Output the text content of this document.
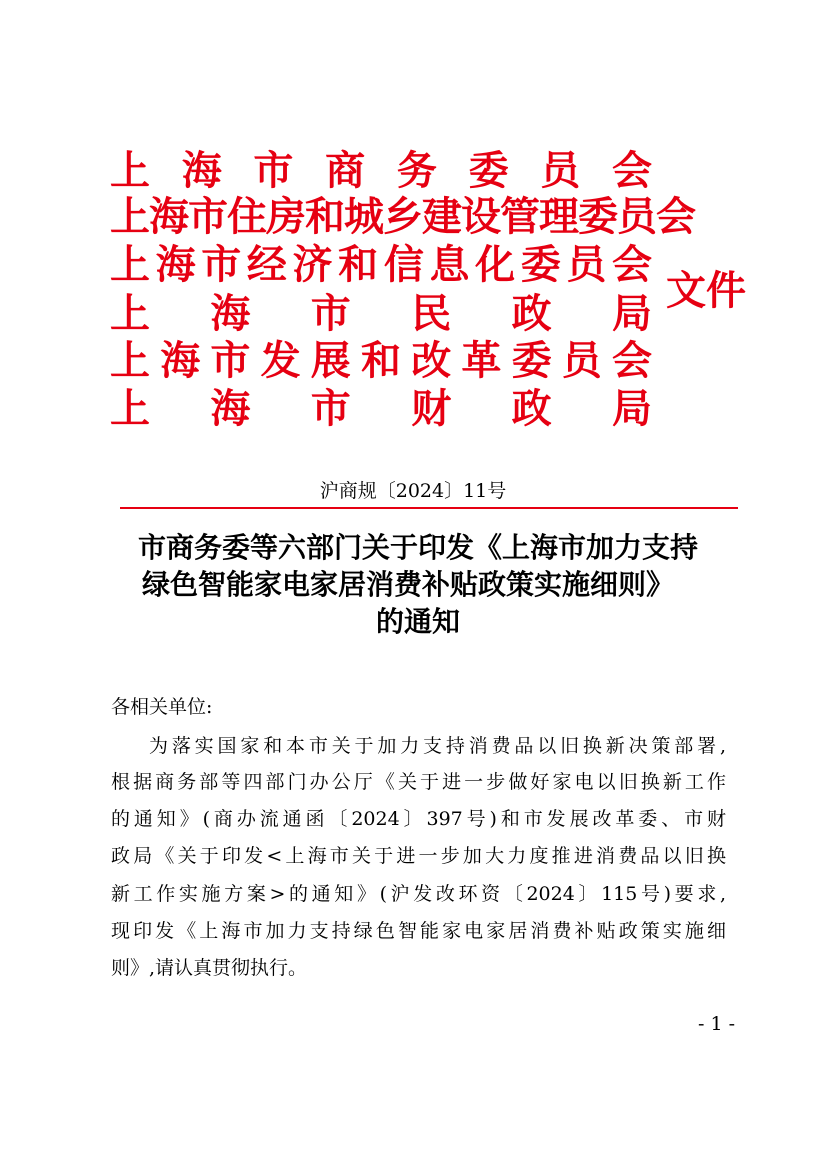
上海市商务委员会
上海市住房和城乡建设管理委员会
上海市经济和信息化委员会
上海市民政局
上海市发展和改革委员会
上海市财政局
文件
沪商规〔2024〕11号
市商务委等六部门关于印发《上海市加力支持
绿色智能家电家居消费补贴政策实施细则》
的通知
各相关单位:
为落实国家和本市关于加力支持消费品以旧换新决策部署,
根据商务部等四部门办公厅《关于进一步做好家电以旧换新工作
的通知》(商办流通函〔2024〕397号)和市发展改革委、市财
政局《关于印发<上海市关于进一步加大力度推进消费品以旧换
新工作实施方案>的通知》(沪发改环资〔2024〕115号)要求,
现印发《上海市加力支持绿色智能家电家居消费补贴政策实施细
则》,请认真贯彻执行。
- 1 -
